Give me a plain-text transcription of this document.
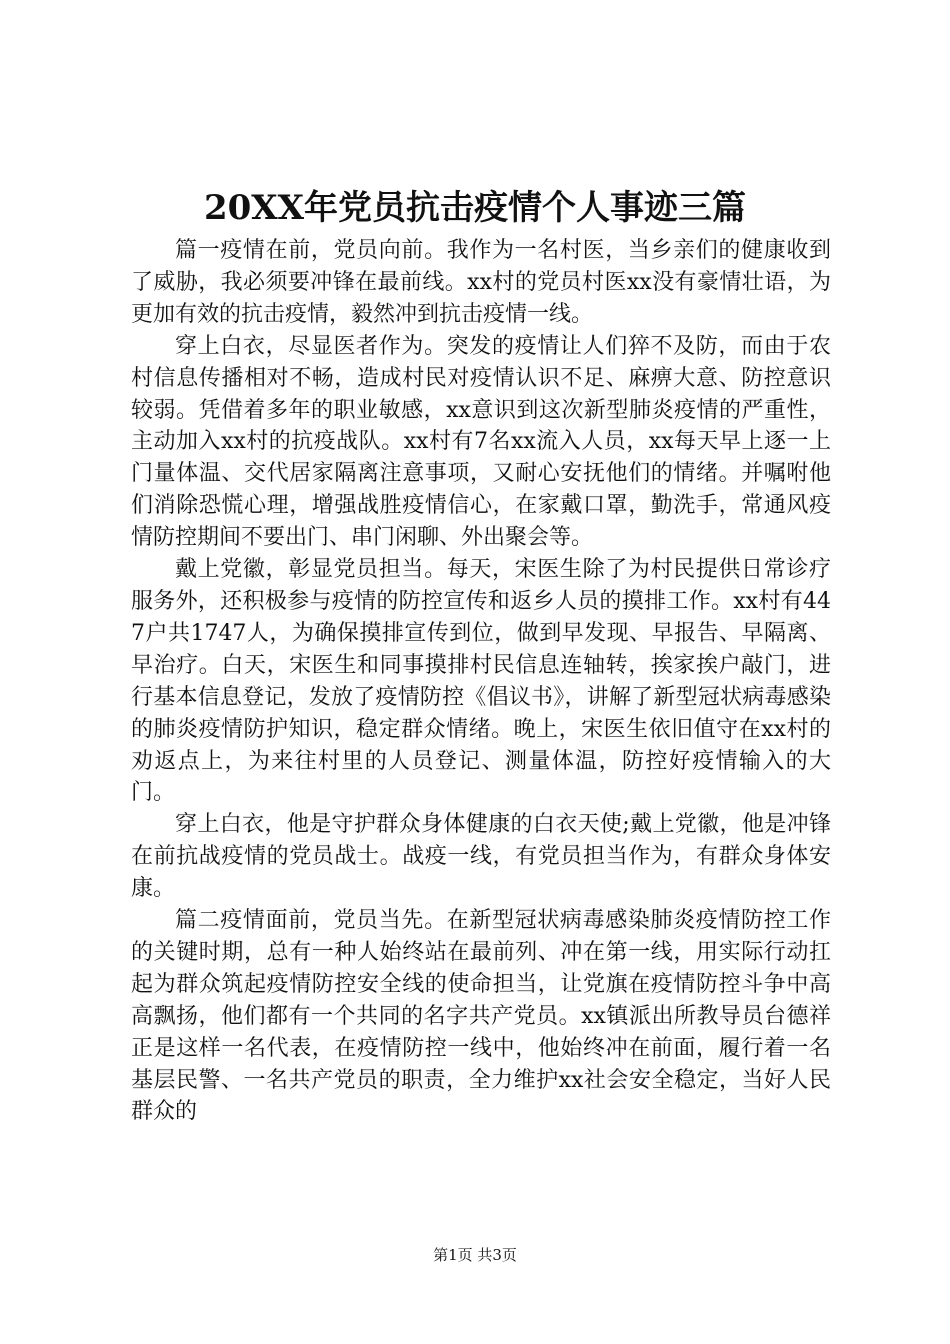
20XX年党员抗击疫情个人事迹三篇

篇一疫情在前，党员向前。我作为一名村医，当乡亲们的健康收到了威胁，我必须要冲锋在最前线。xx村的党员村医xx没有豪情壮语，为更加有效的抗击疫情，毅然冲到抗击疫情一线。

穿上白衣，尽显医者作为。突发的疫情让人们猝不及防，而由于农村信息传播相对不畅，造成村民对疫情认识不足、麻痹大意、防控意识较弱。凭借着多年的职业敏感，xx意识到这次新型肺炎疫情的严重性，主动加入xx村的抗疫战队。xx村有7名xx流入人员，xx每天早上逐一上门量体温、交代居家隔离注意事项，又耐心安抚他们的情绪。并嘱咐他们消除恐慌心理，增强战胜疫情信心，在家戴口罩，勤洗手，常通风疫情防控期间不要出门、串门闲聊、外出聚会等。

戴上党徽，彰显党员担当。每天，宋医生除了为村民提供日常诊疗服务外，还积极参与疫情的防控宣传和返乡人员的摸排工作。xx村有447户共1747人，为确保摸排宣传到位，做到早发现、早报告、早隔离、早治疗。白天，宋医生和同事摸排村民信息连轴转，挨家挨户敲门，进行基本信息登记，发放了疫情防控《倡议书》，讲解了新型冠状病毒感染的肺炎疫情防护知识，稳定群众情绪。晚上，宋医生依旧值守在xx村的劝返点上，为来往村里的人员登记、测量体温，防控好疫情输入的大门。

穿上白衣，他是守护群众身体健康的白衣天使;戴上党徽，他是冲锋在前抗战疫情的党员战士。战疫一线，有党员担当作为，有群众身体安康。

篇二疫情面前，党员当先。在新型冠状病毒感染肺炎疫情防控工作的关键时期，总有一种人始终站在最前列、冲在第一线，用实际行动扛起为群众筑起疫情防控安全线的使命担当，让党旗在疫情防控斗争中高高飘扬，他们都有一个共同的名字共产党员。xx镇派出所教导员台德祥正是这样一名代表，在疫情防控一线中，他始终冲在前面，履行着一名基层民警、一名共产党员的职责，全力维护xx社会安全稳定，当好人民群众的

第1页 共3页
